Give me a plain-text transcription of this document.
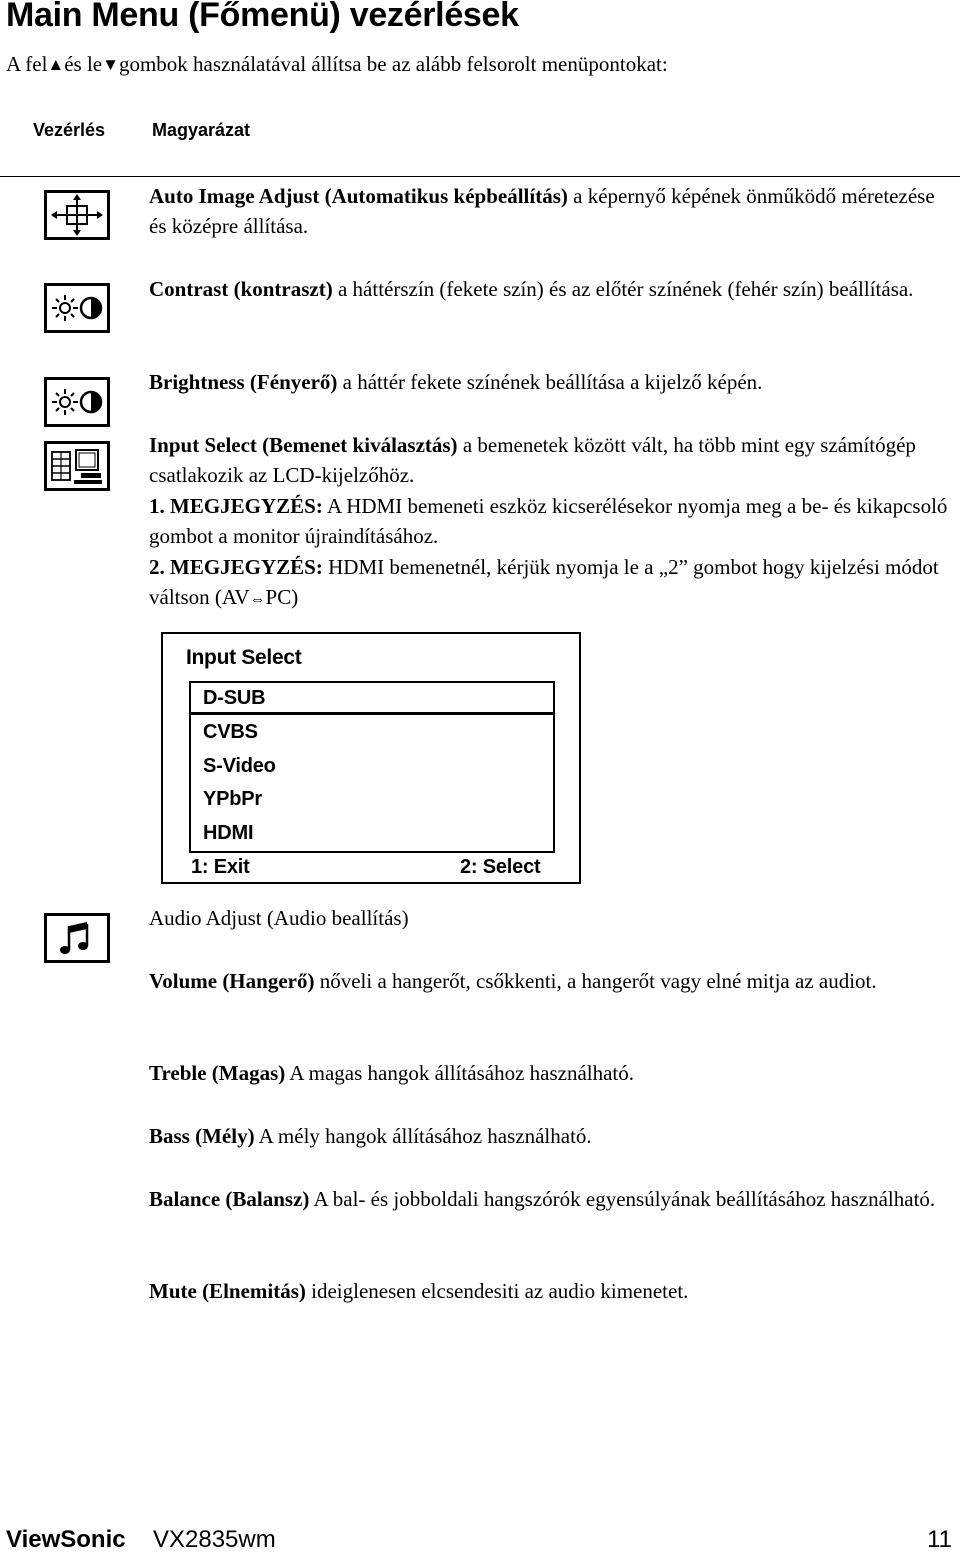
Main Menu (Főmenü) vezérlések
A fel▲és le▼gombok használatával állítsa be az alább felsorolt menüpontokat:
Vezérlés	Magyarázat
Auto Image Adjust (Automatikus képbeállítás) a képernyő képének önműködő méretezése és középre állítása.
Contrast (kontraszt) a háttérszín (fekete szín) és az előtér színének (fehér szín) beállítása.
Brightness (Fényerő) a háttér fekete színének beállítása a kijelző képén.
Input Select (Bemenet kiválasztás) a bemenetek között vált, ha több mint egy számítógép csatlakozik az LCD-kijelzőhöz.
1. MEGJEGYZÉS: A HDMI bemeneti eszköz kicserélésekor nyomja meg a be- és kikapcsoló gombot a monitor újraindításához.
2. MEGJEGYZÉS: HDMI bemenetnél, kérjük nyomja le a „2” gombot hogy kijelzési módot váltson (AV⇔PC)
Input Select
D-SUB
CVBS
S-Video
YPbPr
HDMI
1: Exit	2: Select
Audio Adjust (Audio beallítás)
Volume (Hangerő) nőveli a hangerőt, csőkkenti, a hangerőt vagy elné mitja az audiot.
Treble (Magas) A magas hangok állításához használható.
Bass (Mély) A mély hangok állításához használható.
Balance (Balansz) A bal- és jobboldali hangszórók egyensúlyának beállításához használható.
Mute (Elnemitás) ideiglenesen elcsendesiti az audio kimenetet.
ViewSonic VX2835wm	11
